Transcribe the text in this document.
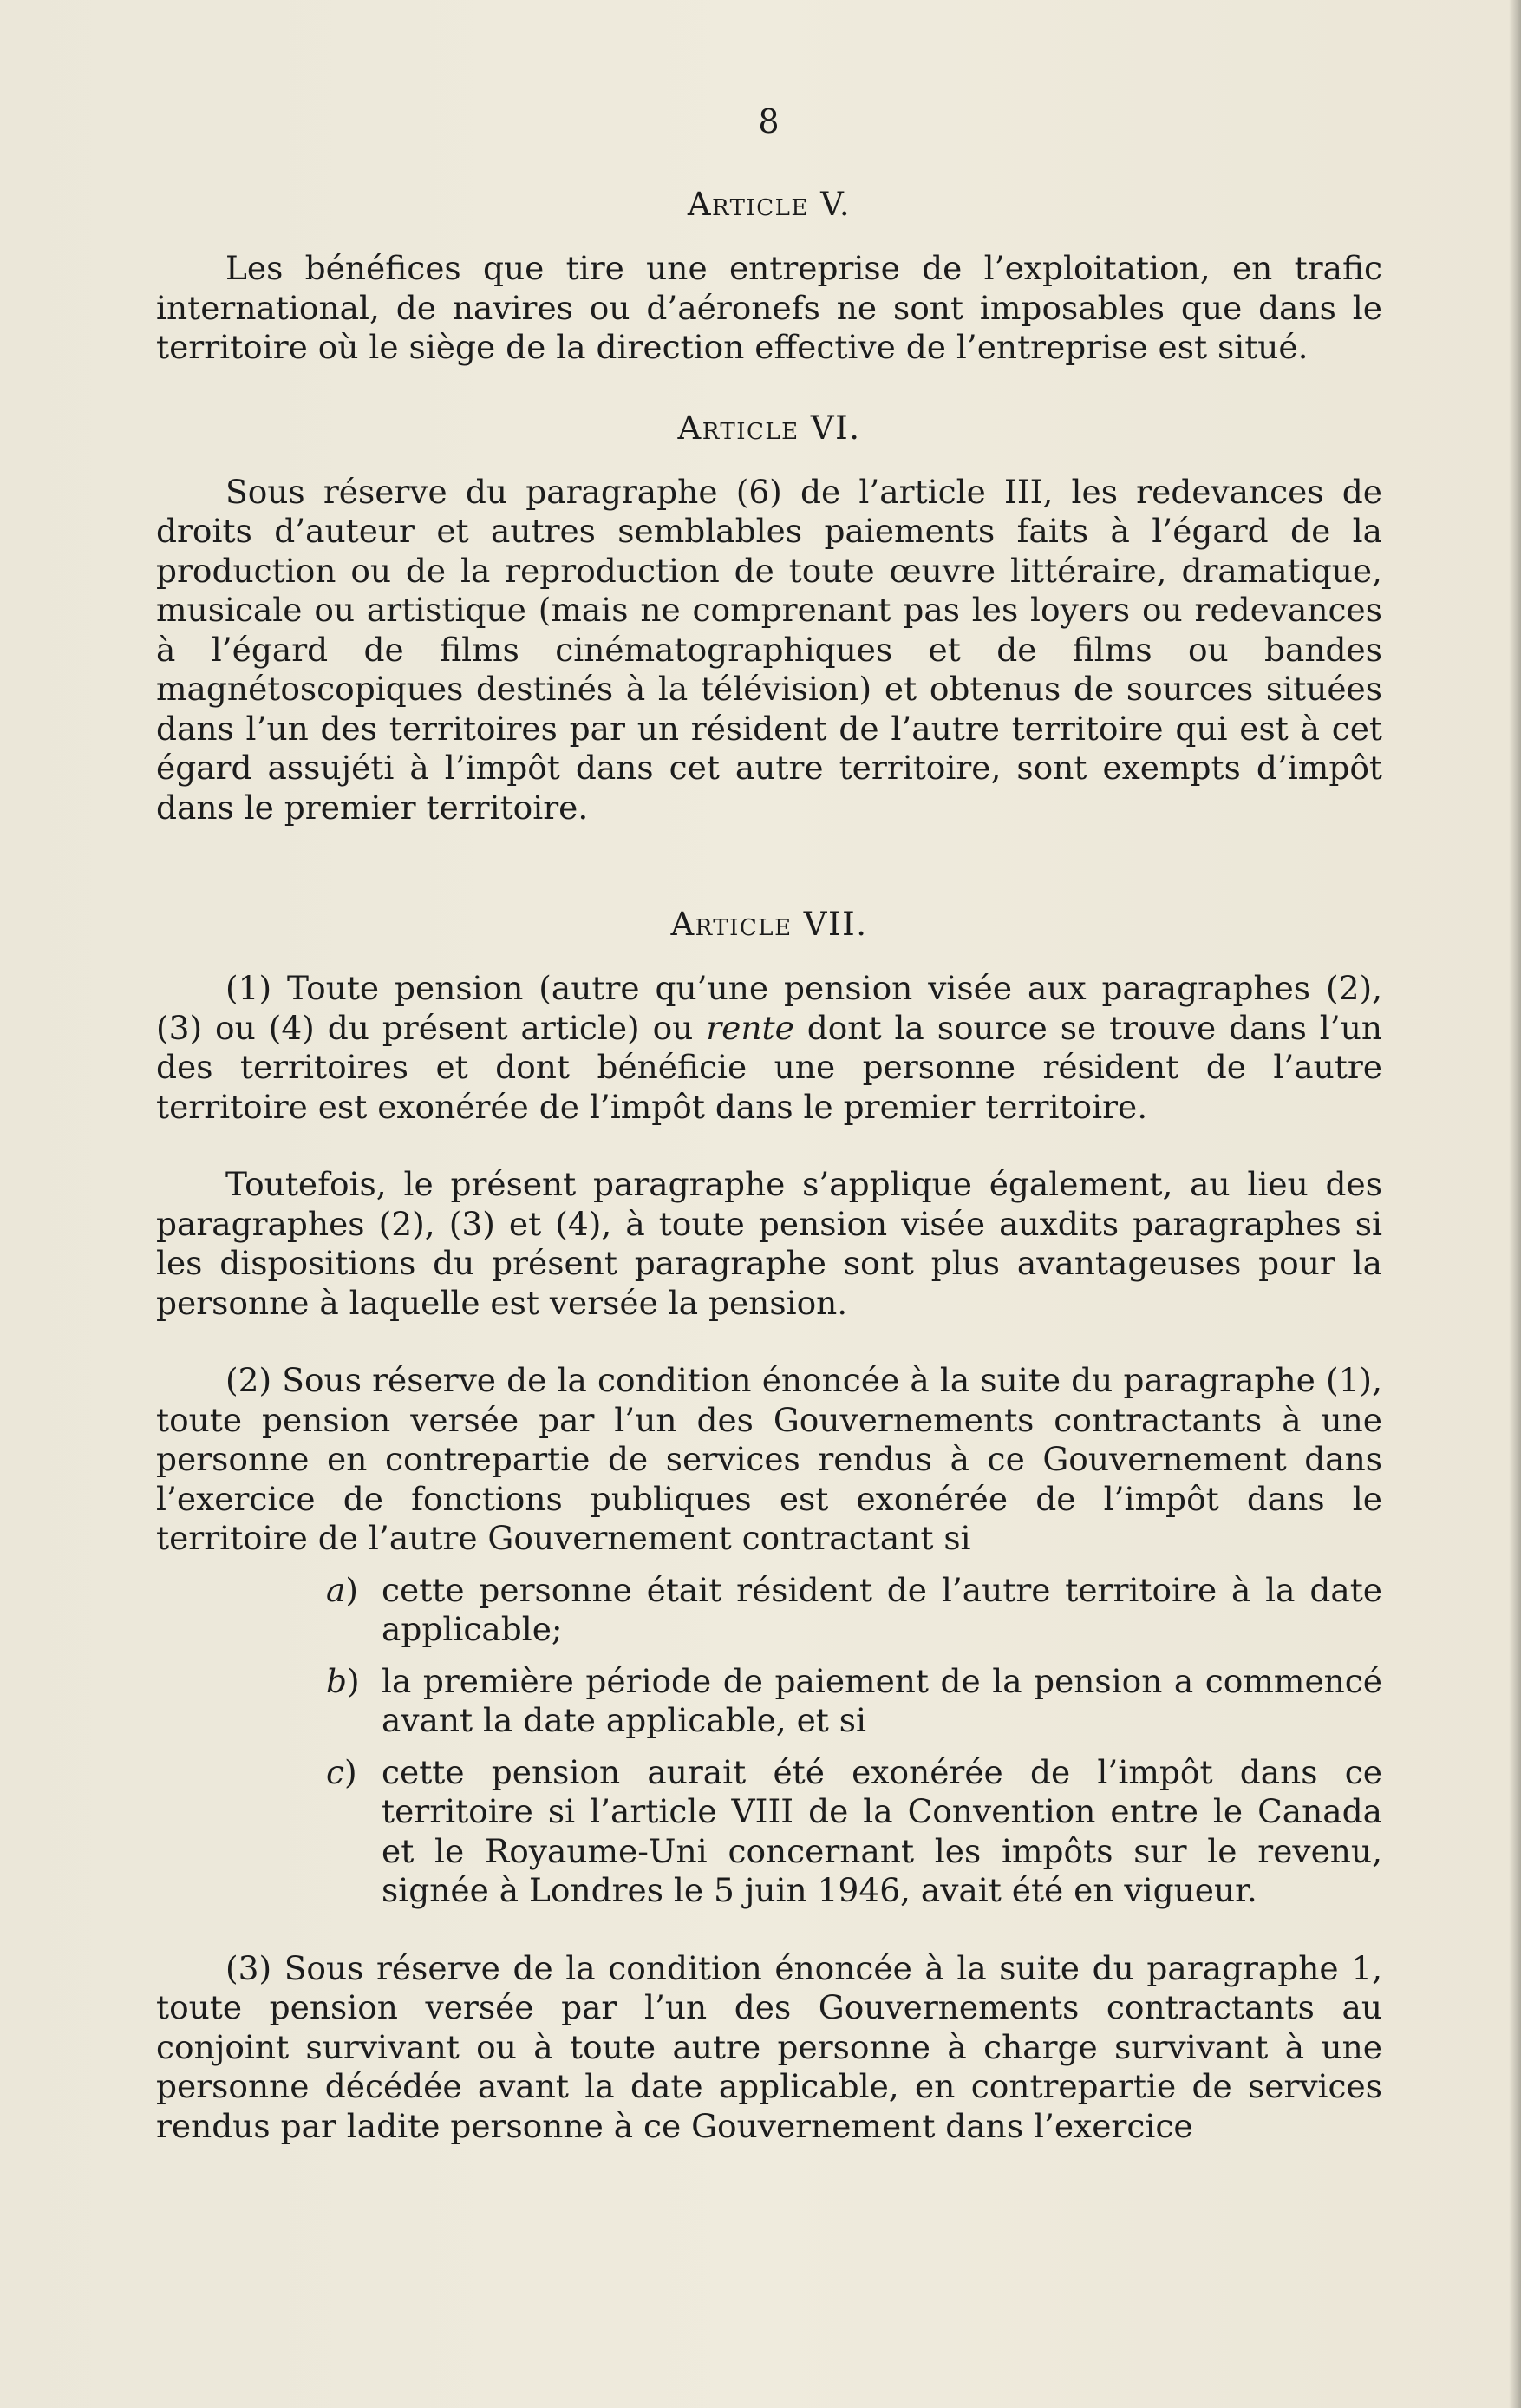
8
Article V.

Les bénéfices que tire une entreprise de l’exploitation, en trafic international, de navires ou d’aéronefs ne sont imposables que dans le territoire où le siège de la direction effective de l’entreprise est situé.

Article VI.

Sous réserve du paragraphe (6) de l’article III, les redevances de droits d’auteur et autres semblables paiements faits à l’égard de la production ou de la reproduction de toute œuvre littéraire, dramatique, musicale ou artistique (mais ne comprenant pas les loyers ou redevances à l’égard de films cinématographiques et de films ou bandes magnétoscopiques destinés à la télévision) et obtenus de sources situées dans l’un des territoires par un résident de l’autre territoire qui est à cet égard assujéti à l’impôt dans cet autre territoire, sont exempts d’impôt dans le premier territoire.

Article VII.

(1) Toute pension (autre qu’une pension visée aux paragraphes (2), (3) ou (4) du présent article) ou rente dont la source se trouve dans l’un des territoires et dont bénéficie une personne résident de l’autre territoire est exonérée de l’impôt dans le premier territoire.

Toutefois, le présent paragraphe s’applique également, au lieu des paragraphes (2), (3) et (4), à toute pension visée auxdits paragraphes si les dispositions du présent paragraphe sont plus avantageuses pour la personne à laquelle est versée la pension.

(2) Sous réserve de la condition énoncée à la suite du paragraphe (1), toute pension versée par l’un des Gouvernements contractants à une personne en contrepartie de services rendus à ce Gouvernement dans l’exercice de fonctions publiques est exonérée de l’impôt dans le territoire de l’autre Gouvernement contractant si

a) cette personne était résident de l’autre territoire à la date applicable;
b) la première période de paiement de la pension a commencé avant la date applicable, et si
c) cette pension aurait été exonérée de l’impôt dans ce territoire si l’article VIII de la Convention entre le Canada et le Royaume-Uni concernant les impôts sur le revenu, signée à Londres le 5 juin 1946, avait été en vigueur.

(3) Sous réserve de la condition énoncée à la suite du paragraphe 1, toute pension versée par l’un des Gouvernements contractants au conjoint survivant ou à toute autre personne à charge survivant à une personne décédée avant la date applicable, en contrepartie de services rendus par ladite personne à ce Gouvernement dans l’exercice
